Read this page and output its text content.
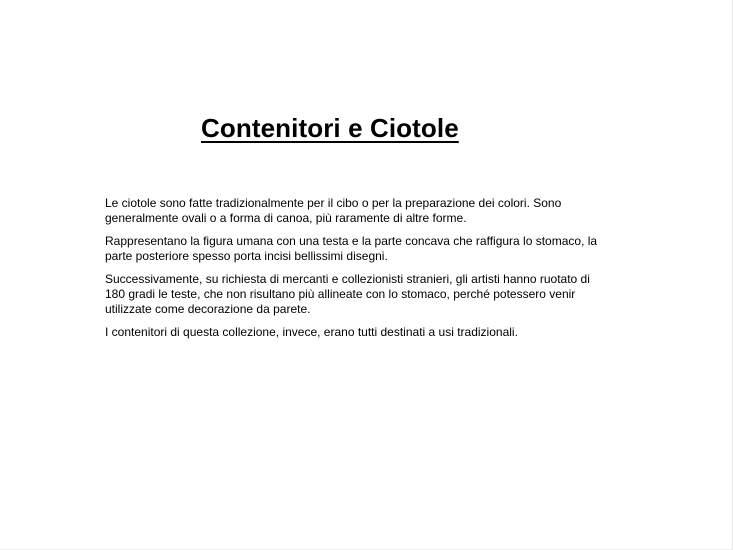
Contenitori e Ciotole

Le ciotole sono fatte tradizionalmente per il cibo o per la preparazione dei colori. Sono
generalmente ovali o a forma di canoa, più raramente di altre forme.

Rappresentano la figura umana con una testa e la parte concava che raffigura lo stomaco, la
parte posteriore spesso porta incisi bellissimi disegni.

Successivamente, su richiesta di mercanti e collezionisti stranieri, gli artisti hanno ruotato di
180 gradi le teste, che non risultano più allineate con lo stomaco, perché potessero venir
utilizzate come decorazione da parete.

I contenitori di questa collezione, invece, erano tutti destinati a usi tradizionali.
